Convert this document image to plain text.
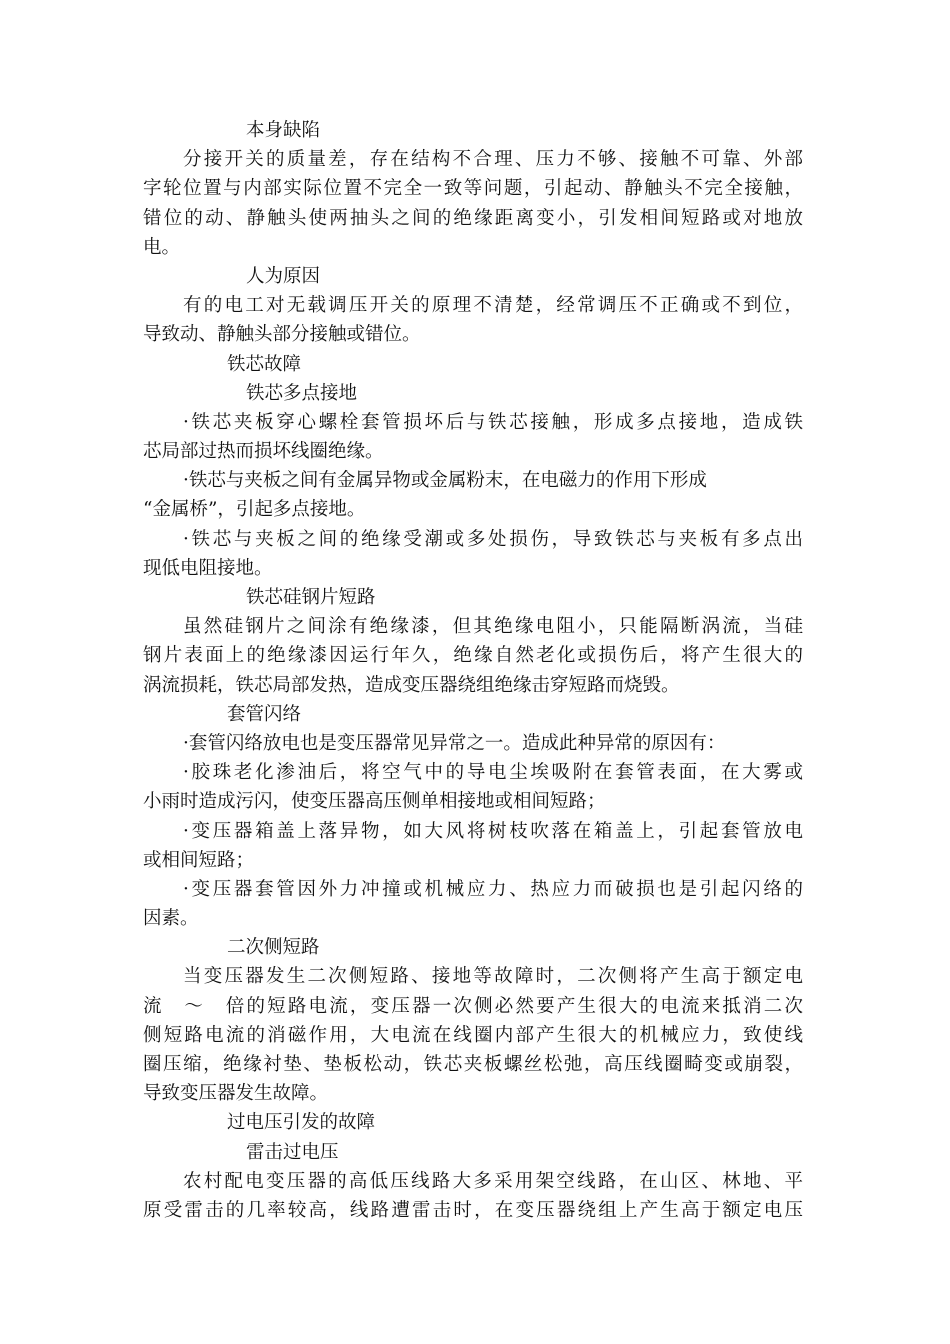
本身缺陷
分接开关的质量差，存在结构不合理、压力不够、接触不可靠、外部
字轮位置与内部实际位置不完全一致等问题，引起动、静触头不完全接触，
错位的动、静触头使两抽头之间的绝缘距离变小，引发相间短路或对地放
电。
人为原因
有的电工对无载调压开关的原理不清楚，经常调压不正确或不到位，
导致动、静触头部分接触或错位。
铁芯故障
铁芯多点接地
·铁芯夹板穿心螺栓套管损坏后与铁芯接触，形成多点接地，造成铁
芯局部过热而损坏线圈绝缘。
·铁芯与夹板之间有金属异物或金属粉末，在电磁力的作用下形成
“金属桥”，引起多点接地。
·铁芯与夹板之间的绝缘受潮或多处损伤，导致铁芯与夹板有多点出
现低电阻接地。
铁芯硅钢片短路
虽然硅钢片之间涂有绝缘漆，但其绝缘电阻小，只能隔断涡流，当硅
钢片表面上的绝缘漆因运行年久，绝缘自然老化或损伤后，将产生很大的
涡流损耗，铁芯局部发热，造成变压器绕组绝缘击穿短路而烧毁。
套管闪络
·套管闪络放电也是变压器常见异常之一。造成此种异常的原因有：
·胶珠老化渗油后，将空气中的导电尘埃吸附在套管表面，在大雾或
小雨时造成污闪，使变压器高压侧单相接地或相间短路；
·变压器箱盖上落异物，如大风将树枝吹落在箱盖上，引起套管放电
或相间短路；
·变压器套管因外力冲撞或机械应力、热应力而破损也是引起闪络的
因素。
二次侧短路
当变压器发生二次侧短路、接地等故障时，二次侧将产生高于额定电
流　～　倍的短路电流，变压器一次侧必然要产生很大的电流来抵消二次
侧短路电流的消磁作用，大电流在线圈内部产生很大的机械应力，致使线
圈压缩，绝缘衬垫、垫板松动，铁芯夹板螺丝松弛，高压线圈畸变或崩裂，
导致变压器发生故障。
过电压引发的故障
雷击过电压
农村配电变压器的高低压线路大多采用架空线路，在山区、林地、平
原受雷击的几率较高，线路遭雷击时，在变压器绕组上产生高于额定电压
